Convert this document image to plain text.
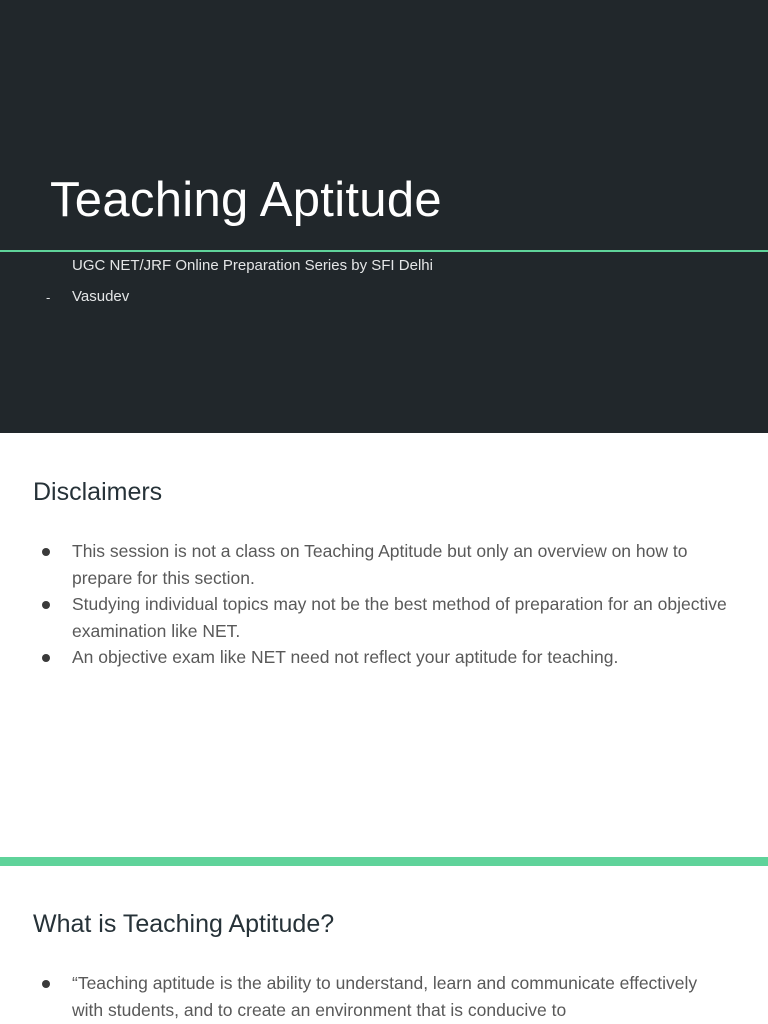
Teaching Aptitude
UGC NET/JRF Online Preparation Series by SFI Delhi
- Vasudev
Disclaimers
This session is not a class on Teaching Aptitude but only an overview on how to prepare for this section.
Studying individual topics may not be the best method of preparation for an objective examination like NET.
An objective exam like NET need not reflect your aptitude for teaching.
What is Teaching Aptitude?
“Teaching aptitude is the ability to understand, learn and communicate effectively with students, and to create an environment that is conducive to
